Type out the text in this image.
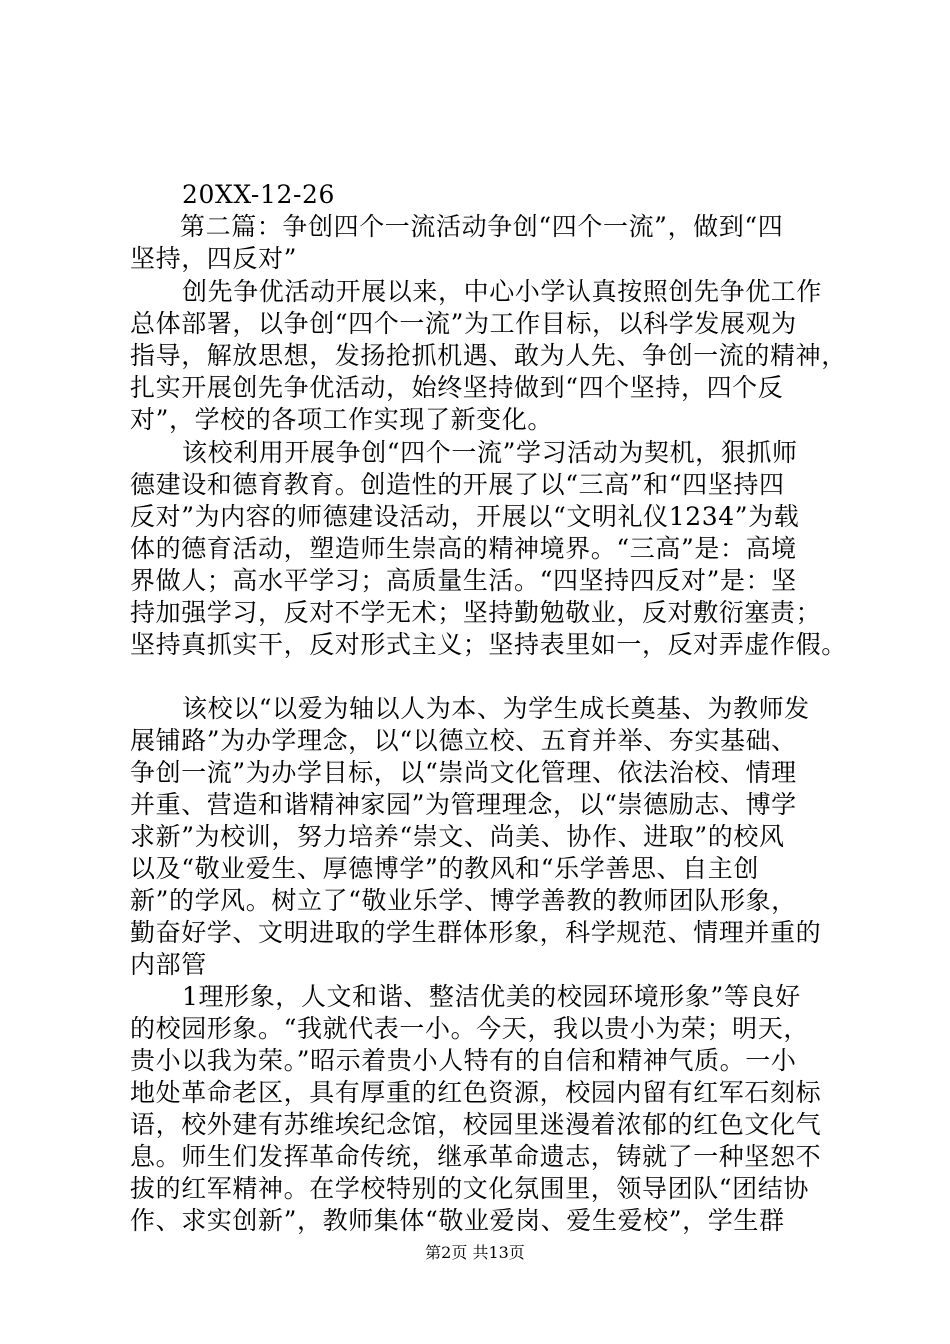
20XX-12-26
第二篇：争创四个一流活动争创“四个一流”，做到“四
坚持，四反对”
创先争优活动开展以来，中心小学认真按照创先争优工作
总体部署，以争创“四个一流”为工作目标，以科学发展观为
指导，解放思想，发扬抢抓机遇、敢为人先、争创一流的精神，
扎实开展创先争优活动，始终坚持做到“四个坚持，四个反
对”，学校的各项工作实现了新变化。
该校利用开展争创“四个一流”学习活动为契机，狠抓师
德建设和德育教育。创造性的开展了以“三高”和“四坚持四
反对”为内容的师德建设活动，开展以“文明礼仪1234”为载
体的德育活动，塑造师生崇高的精神境界。“三高”是：高境
界做人；高水平学习；高质量生活。“四坚持四反对”是：坚
持加强学习，反对不学无术；坚持勤勉敬业，反对敷衍塞责；
坚持真抓实干，反对形式主义；坚持表里如一，反对弄虚作假。
该校以“以爱为轴以人为本、为学生成长奠基、为教师发
展铺路”为办学理念，以“以德立校、五育并举、夯实基础、
争创一流”为办学目标，以“崇尚文化管理、依法治校、情理
并重、营造和谐精神家园”为管理理念，以“崇德励志、博学
求新”为校训，努力培养“崇文、尚美、协作、进取”的校风
以及“敬业爱生、厚德博学”的教风和“乐学善思、自主创
新”的学风。树立了“敬业乐学、博学善教的教师团队形象，
勤奋好学、文明进取的学生群体形象，科学规范、情理并重的
内部管
1理形象，人文和谐、整洁优美的校园环境形象”等良好
的校园形象。“我就代表一小。今天，我以贵小为荣；明天，
贵小以我为荣。”昭示着贵小人特有的自信和精神气质。一小
地处革命老区，具有厚重的红色资源，校园内留有红军石刻标
语，校外建有苏维埃纪念馆，校园里迷漫着浓郁的红色文化气
息。师生们发挥革命传统，继承革命遗志，铸就了一种坚恕不
拔的红军精神。在学校特别的文化氛围里，领导团队“团结协
作、求实创新”，教师集体“敬业爱岗、爱生爱校”，学生群
第2页 共13页
